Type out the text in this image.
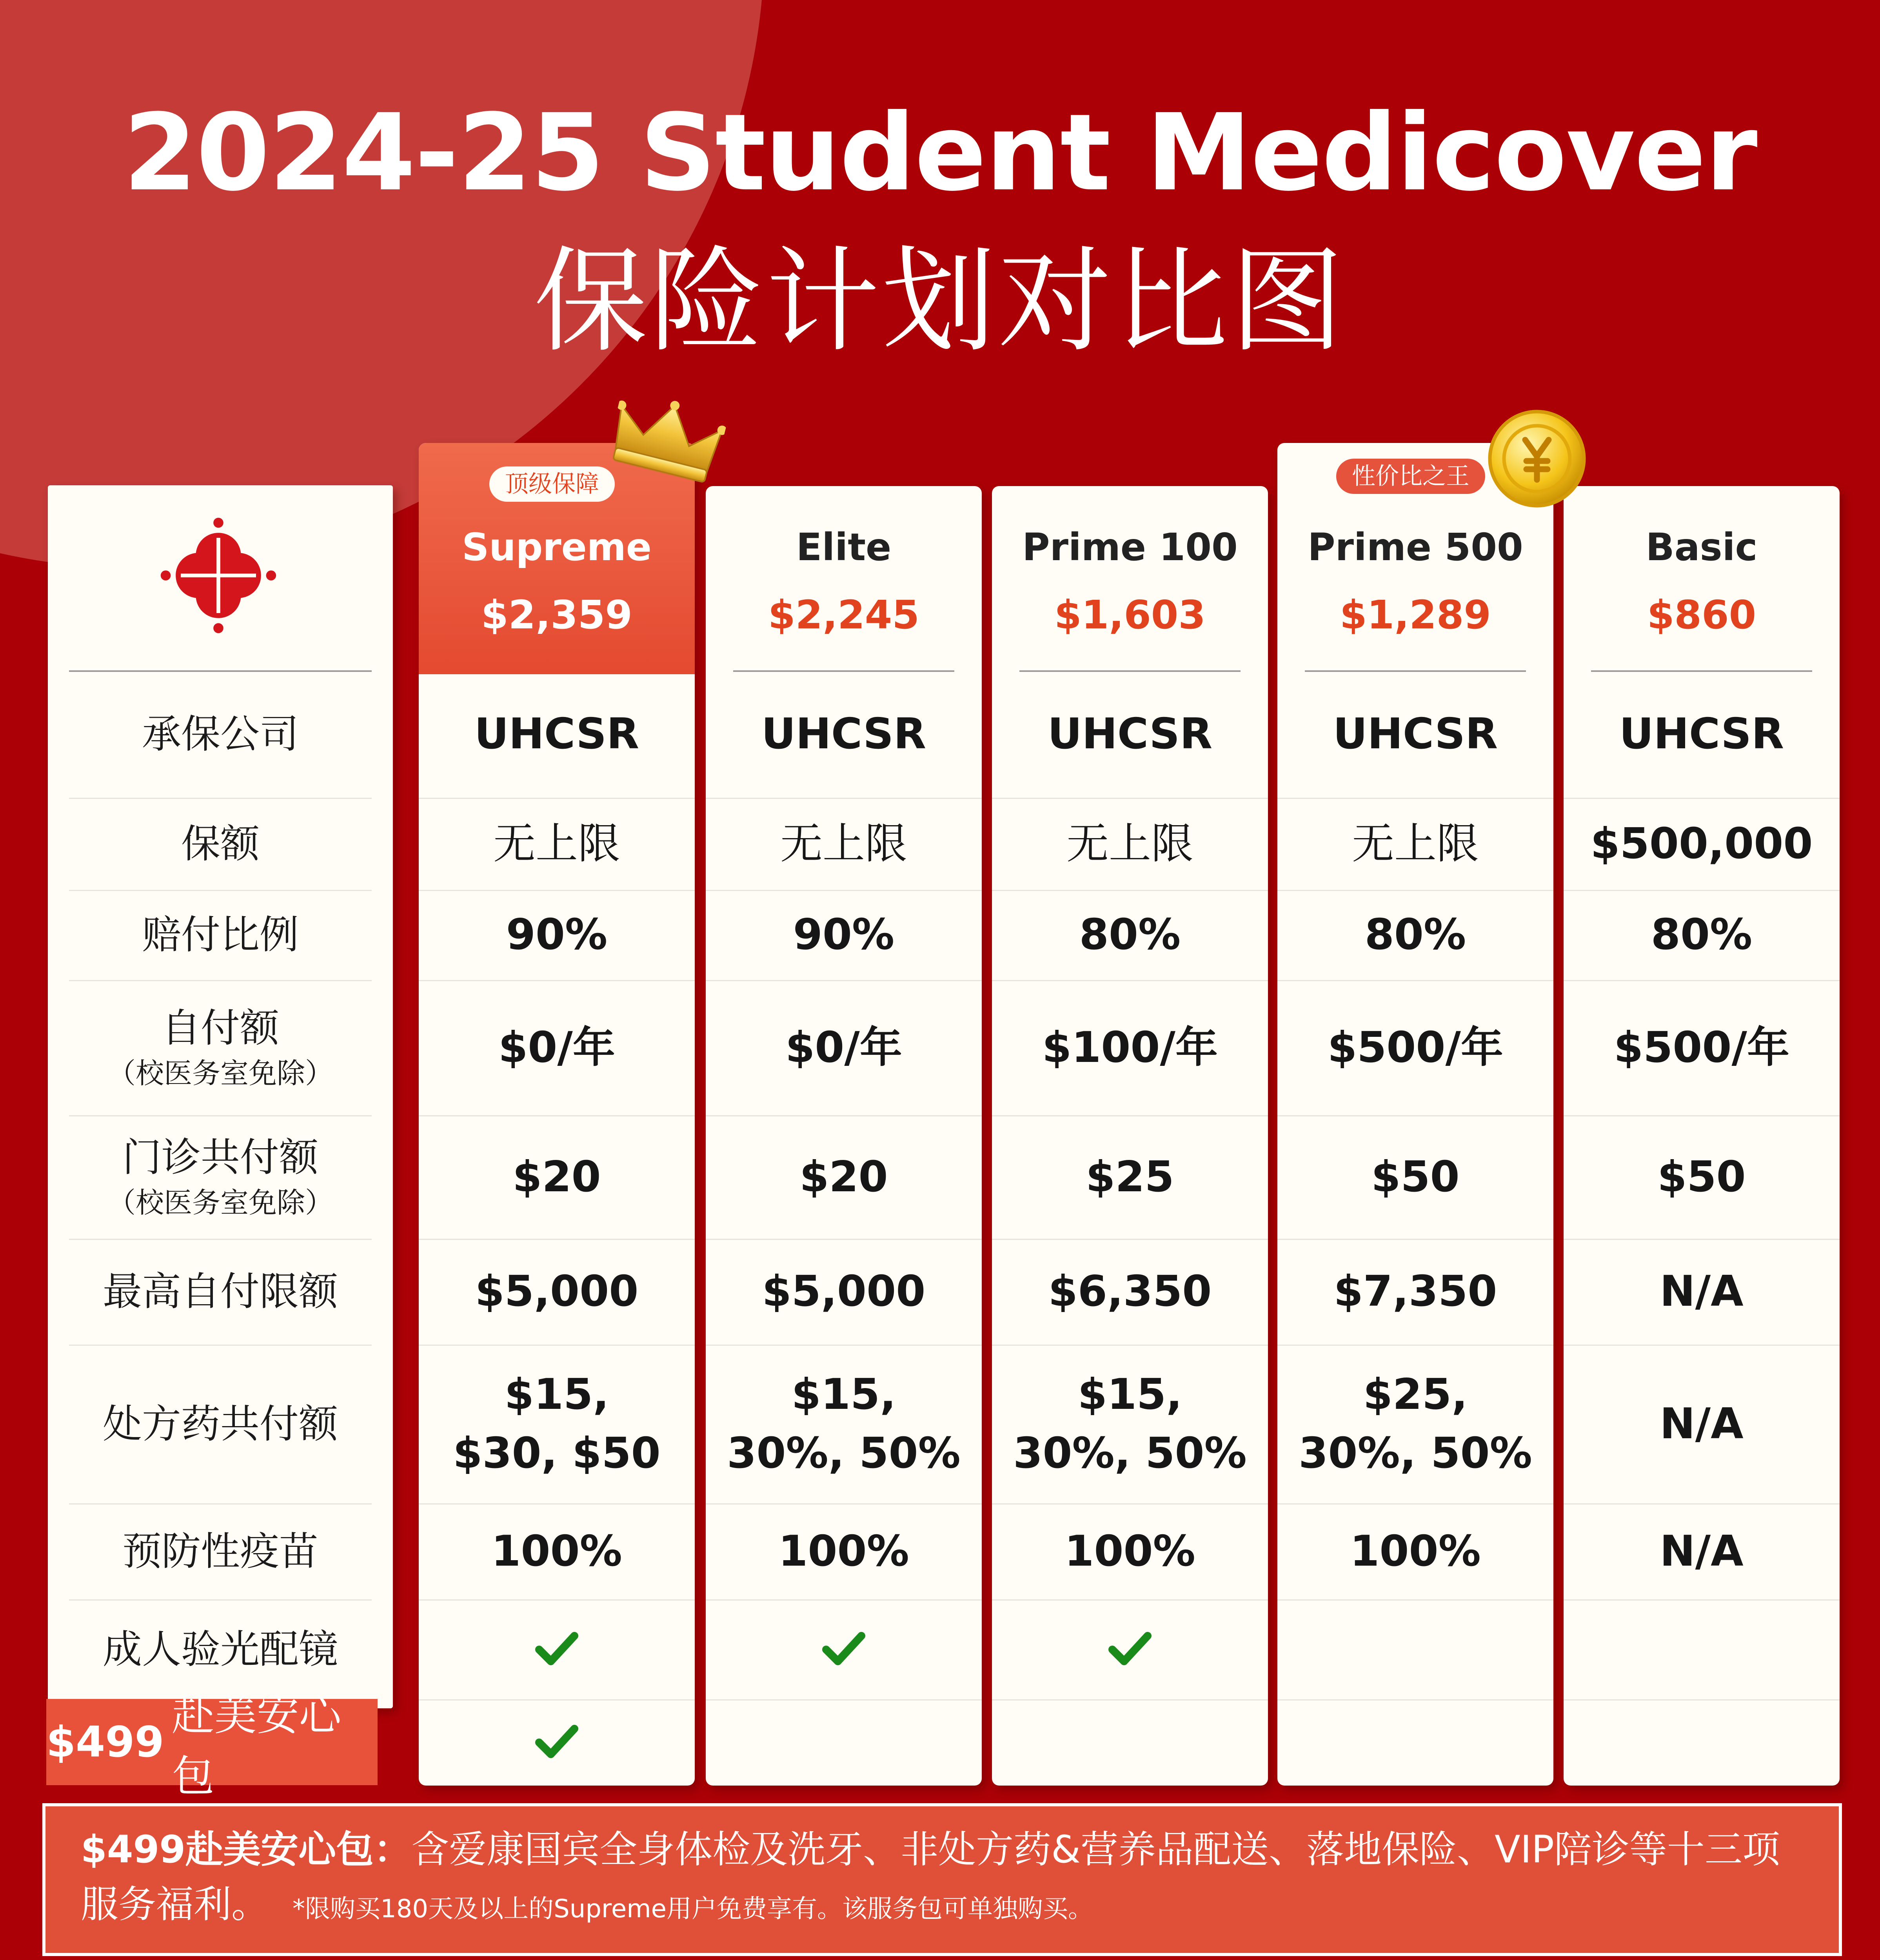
2024-25 Student Medicover
保险计划对比图
承保公司
保额
赔付比例
自付额
（校医务室免除）
门诊共付额
（校医务室免除）
最高自付限额
处方药共付额
预防性疫苗
成人验光配镜
Supreme
$2,359
顶级保障
UHCSR
无上限
90%
$0/年
$20
$5,000
$15,
$30, $50
100%
Elite
$2,245
UHCSR
无上限
90%
$0/年
$20
$5,000
$15,
30%, 50%
100%
Prime 100
$1,603
UHCSR
无上限
80%
$100/年
$25
$6,350
$15,
30%, 50%
100%
Prime 500
$1,289
性价比之王
UHCSR
无上限
80%
$500/年
$50
$7,350
$25,
30%, 50%
100%
Basic
$860
UHCSR
$500,000
80%
$500/年
$50
N/A
N/A
N/A
$499
赴美安心包
$499赴美安心包：含爱康国宾全身体检及洗牙、非处方药&营养品配送、落地保险、VIP陪诊等十三项服务福利。 *限购买180天及以上的Supreme用户免费享有。该服务包可单独购买。
